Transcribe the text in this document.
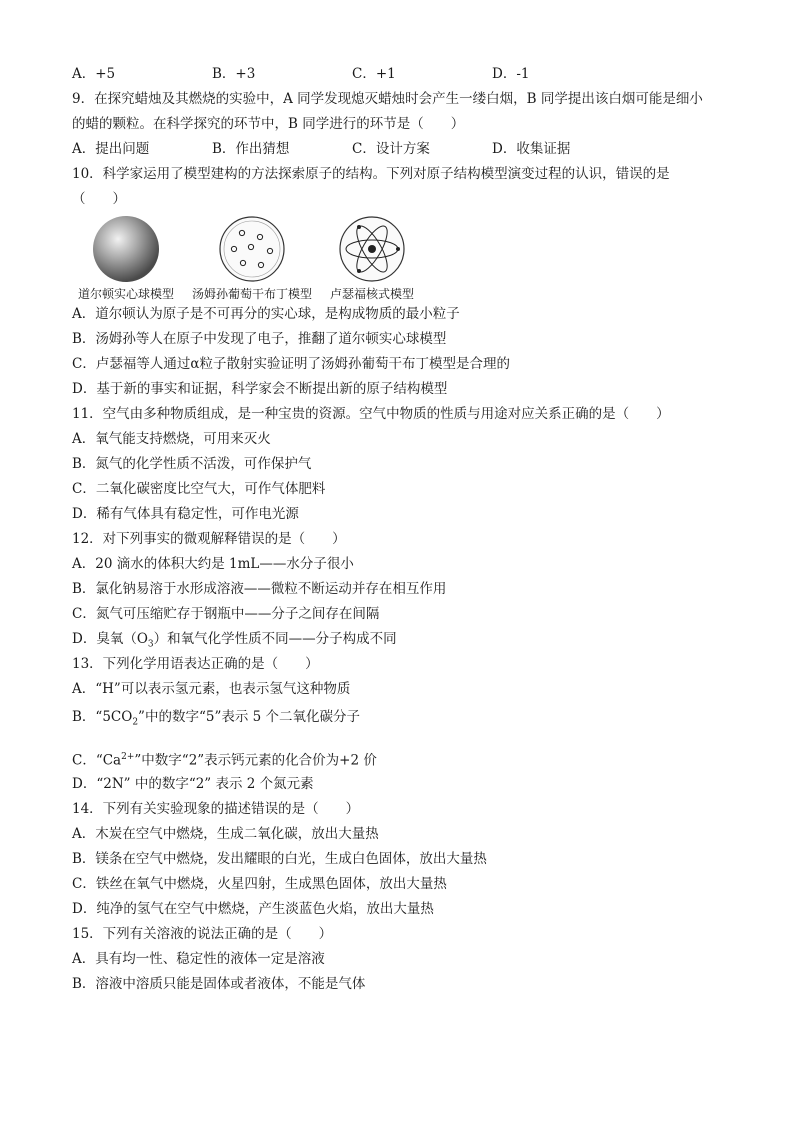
A．+5	B．+3	C．+1	D．-1
9．在探究蜡烛及其燃烧的实验中，A 同学发现熄灭蜡烛时会产生一缕白烟，B 同学提出该白烟可能是细小
的蜡的颗粒。在科学探究的环节中，B 同学进行的环节是（　　）
A．提出问题	B．作出猜想	C．设计方案	D．收集证据
10．科学家运用了模型建构的方法探索原子的结构。下列对原子结构模型演变过程的认识，错误的是
（　　）
道尔顿实心球模型 汤姆孙葡萄干布丁模型 卢瑟福核式模型
A．道尔顿认为原子是不可再分的实心球，是构成物质的最小粒子
B．汤姆孙等人在原子中发现了电子，推翻了道尔顿实心球模型
C．卢瑟福等人通过α粒子散射实验证明了汤姆孙葡萄干布丁模型是合理的
D．基于新的事实和证据，科学家会不断提出新的原子结构模型
11．空气由多种物质组成，是一种宝贵的资源。空气中物质的性质与用途对应关系正确的是（　　）
A．氧气能支持燃烧，可用来灭火
B．氮气的化学性质不活泼，可作保护气
C．二氧化碳密度比空气大，可作气体肥料
D．稀有气体具有稳定性，可作电光源
12．对下列事实的微观解释错误的是（　　）
A．20 滴水的体积大约是 1mL——水分子很小
B．氯化钠易溶于水形成溶液——微粒不断运动并存在相互作用
C．氮气可压缩贮存于钢瓶中——分子之间存在间隔
D．臭氧$(O_3)$和氧气化学性质不同——分子构成不同
13．下列化学用语表达正确的是（　　）
A．“H”可以表示氢元素，也表示氢气这种物质
B．“$5CO_2$”中的数字“5”表示 5 个二氧化碳分子
C．“$Ca^{2+}$”中数字“2”表示钙元素的化合价为+2 价
D．“2N” 中的数字“2” 表示 2 个氮元素
14．下列有关实验现象的描述错误的是（　　）
A．木炭在空气中燃烧，生成二氧化碳，放出大量热
B．镁条在空气中燃烧，发出耀眼的白光，生成白色固体，放出大量热
C．铁丝在氧气中燃烧，火星四射，生成黑色固体，放出大量热
D．纯净的氢气在空气中燃烧，产生淡蓝色火焰，放出大量热
15．下列有关溶液的说法正确的是（　　）
A．具有均一性、稳定性的液体一定是溶液
B．溶液中溶质只能是固体或者液体，不能是气体
